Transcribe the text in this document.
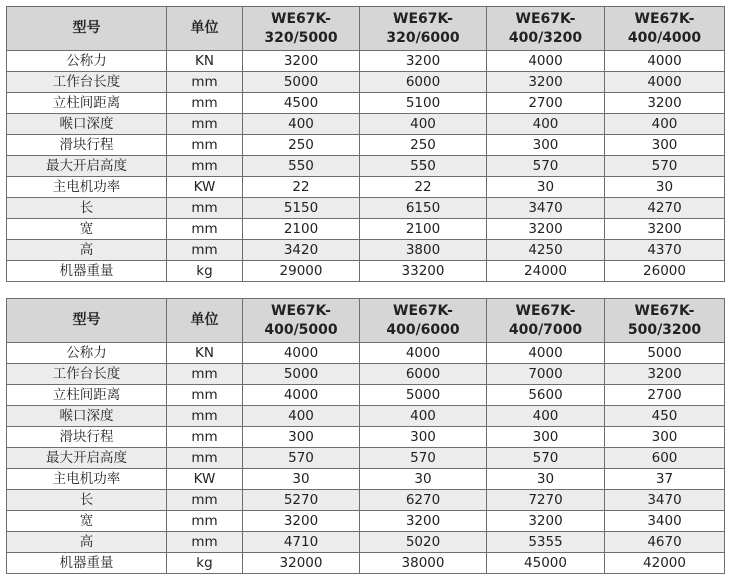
型号	单位	WE67K-320/5000	WE67K-320/6000	WE67K-400/3200	WE67K-400/4000
公称力	KN	3200	3200	4000	4000
工作台长度	mm	5000	6000	3200	4000
立柱间距离	mm	4500	5100	2700	3200
喉口深度	mm	400	400	400	400
滑块行程	mm	250	250	300	300
最大开启高度	mm	550	550	570	570
主电机功率	KW	22	22	30	30
长	mm	5150	6150	3470	4270
宽	mm	2100	2100	3200	3200
高	mm	3420	3800	4250	4370
机器重量	kg	29000	33200	24000	26000
型号	单位	WE67K-400/5000	WE67K-400/6000	WE67K-400/7000	WE67K-500/3200
公称力	KN	4000	4000	4000	5000
工作台长度	mm	5000	6000	7000	3200
立柱间距离	mm	4000	5000	5600	2700
喉口深度	mm	400	400	400	450
滑块行程	mm	300	300	300	300
最大开启高度	mm	570	570	570	600
主电机功率	KW	30	30	30	37
长	mm	5270	6270	7270	3470
宽	mm	3200	3200	3200	3400
高	mm	4710	5020	5355	4670
机器重量	kg	32000	38000	45000	42000
